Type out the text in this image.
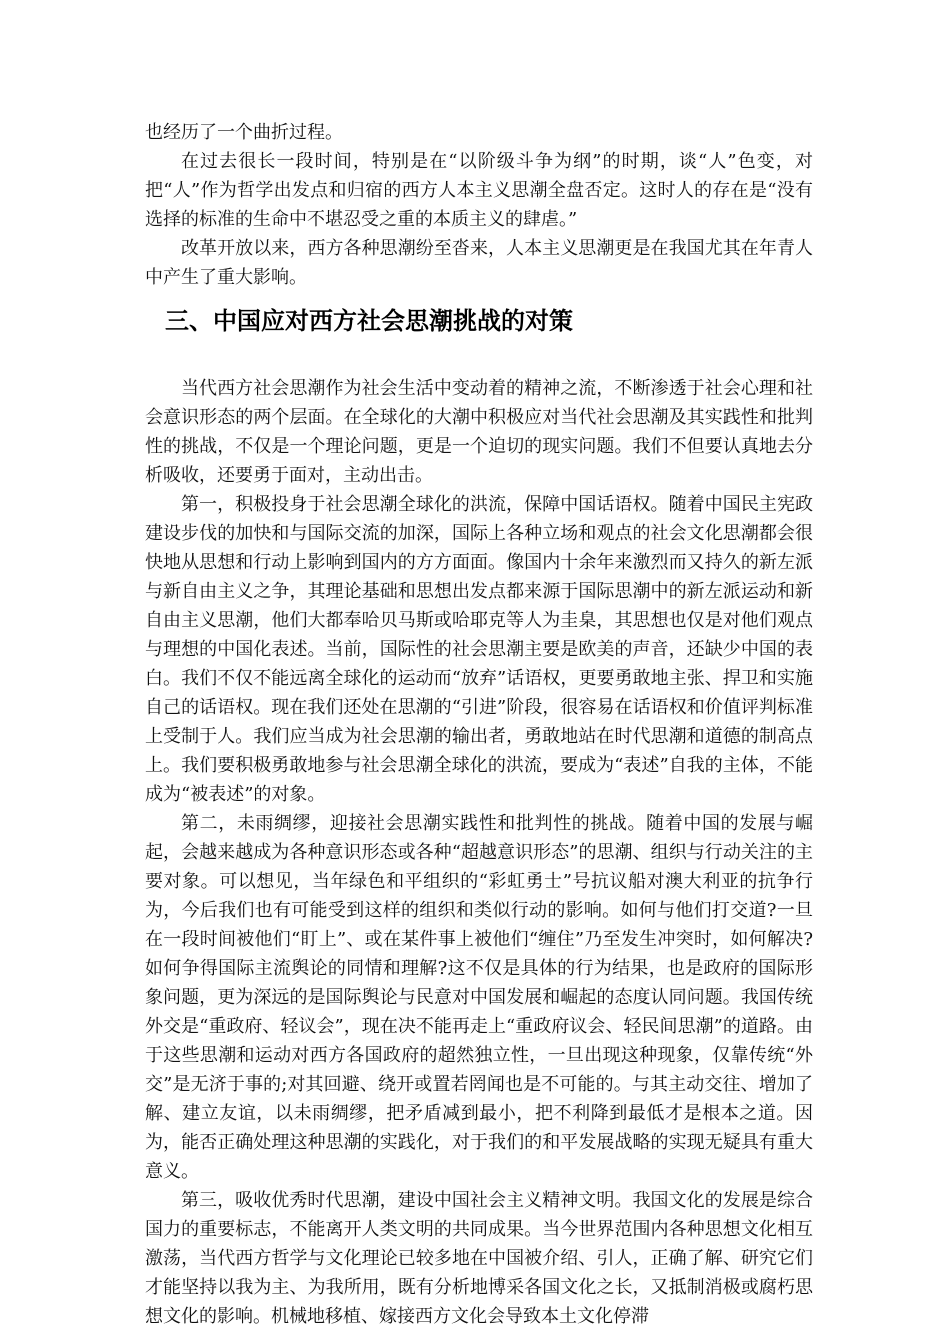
也经历了一个曲折过程。

在过去很长一段时间，特别是在“以阶级斗争为纲”的时期，谈“人”色变，对把“人”作为哲学出发点和归宿的西方人本主义思潮全盘否定。这时人的存在是“没有选择的标准的生命中不堪忍受之重的本质主义的肆虐。”

改革开放以来，西方各种思潮纷至沓来，人本主义思潮更是在我国尤其在年青人中产生了重大影响。

三、中国应对西方社会思潮挑战的对策

当代西方社会思潮作为社会生活中变动着的精神之流，不断渗透于社会心理和社会意识形态的两个层面。在全球化的大潮中积极应对当代社会思潮及其实践性和批判性的挑战，不仅是一个理论问题，更是一个迫切的现实问题。我们不但要认真地去分析吸收，还要勇于面对，主动出击。

第一，积极投身于社会思潮全球化的洪流，保障中国话语权。随着中国民主宪政建设步伐的加快和与国际交流的加深，国际上各种立场和观点的社会文化思潮都会很快地从思想和行动上影响到国内的方方面面。像国内十余年来激烈而又持久的新左派与新自由主义之争，其理论基础和思想出发点都来源于国际思潮中的新左派运动和新自由主义思潮，他们大都奉哈贝马斯或哈耶克等人为圭臬，其思想也仅是对他们观点与理想的中国化表述。当前，国际性的社会思潮主要是欧美的声音，还缺少中国的表白。我们不仅不能远离全球化的运动而“放弃”话语权，更要勇敢地主张、捍卫和实施自己的话语权。现在我们还处在思潮的“引进”阶段，很容易在话语权和价值评判标准上受制于人。我们应当成为社会思潮的输出者，勇敢地站在时代思潮和道德的制高点上。我们要积极勇敢地参与社会思潮全球化的洪流，要成为“表述”自我的主体，不能成为“被表述”的对象。

第二，未雨绸缪，迎接社会思潮实践性和批判性的挑战。随着中国的发展与崛起，会越来越成为各种意识形态或各种“超越意识形态”的思潮、组织与行动关注的主要对象。可以想见，当年绿色和平组织的“彩虹勇士”号抗议船对澳大利亚的抗争行为，今后我们也有可能受到这样的组织和类似行动的影响。如何与他们打交道?一旦在一段时间被他们“盯上”、或在某件事上被他们“缠住”乃至发生冲突时，如何解决?如何争得国际主流舆论的同情和理解?这不仅是具体的行为结果，也是政府的国际形象问题，更为深远的是国际舆论与民意对中国发展和崛起的态度认同问题。我国传统外交是“重政府、轻议会”，现在决不能再走上“重政府议会、轻民间思潮”的道路。由于这些思潮和运动对西方各国政府的超然独立性，一旦出现这种现象，仅靠传统“外交”是无济于事的;对其回避、绕开或置若罔闻也是不可能的。与其主动交往、增加了解、建立友谊，以未雨绸缪，把矛盾减到最小，把不利降到最低才是根本之道。因为，能否正确处理这种思潮的实践化，对于我们的和平发展战略的实现无疑具有重大意义。

第三，吸收优秀时代思潮，建设中国社会主义精神文明。我国文化的发展是综合国力的重要标志，不能离开人类文明的共同成果。当今世界范围内各种思想文化相互激荡，当代西方哲学与文化理论已较多地在中国被介绍、引人，正确了解、研究它们才能坚持以我为主、为我所用，既有分析地博采各国文化之长，又抵制消极或腐朽思想文化的影响。机械地移植、嫁接西方文化会导致本土文化停滞
